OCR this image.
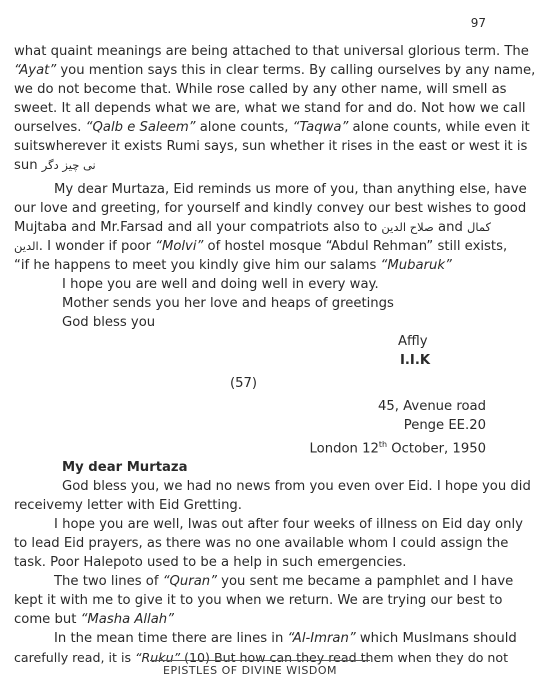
97
what quaint meanings are being attached to that universal glorious term. The
“Ayat” you mention says this in clear terms. By calling ourselves by any name,
we do not become that. While rose called by any other name, will smell as
sweet. It all depends what we are, what we stand for and do. Not how we call
ourselves. “Qalb e Saleem” alone counts, “Taqwa” alone counts, while even it
suitswherever it exists Rumi says, sun whether it rises in the east or west it is
sun نی چیز دگر
My dear Murtaza, Eid reminds us more of you, than anything else, have
our love and greeting, for yourself and kindly convey our best wishes to good
Mujtaba and Mr.Farsad and all your compatriots also to صلاح الدین and کمال
الدین. I wonder if poor “Molvi” of hostel mosque “Abdul Rehman” still exists,
“if he happens to meet you kindly give him our salams “Mubaruk”
I hope you are well and doing well in every way.
Mother sends you her love and heaps of greetings
God bless you
Affly
I.I.K
(57)
45, Avenue road
Penge EE.20
London 12th October, 1950
My dear Murtaza
God bless you, we had no news from you even over Eid. I hope you did
receivemy letter with Eid Gretting.
I hope you are well, Iwas out after four weeks of illness on Eid day only
to lead Eid prayers, as there was no one available whom I could assign the
task. Poor Halepoto used to be a help in such emergencies.
The two lines of “Quran” you sent me became a pamphlet and I have
kept it with me to give it to you when we return. We are trying our best to
come but “Masha Allah”
In the mean time there are lines in “Al-Imran” which Muslmans should
carefully read, it is “Ruku” (10) But how can they read them when they do not
EPISTLES OF DIVINE WISDOM
